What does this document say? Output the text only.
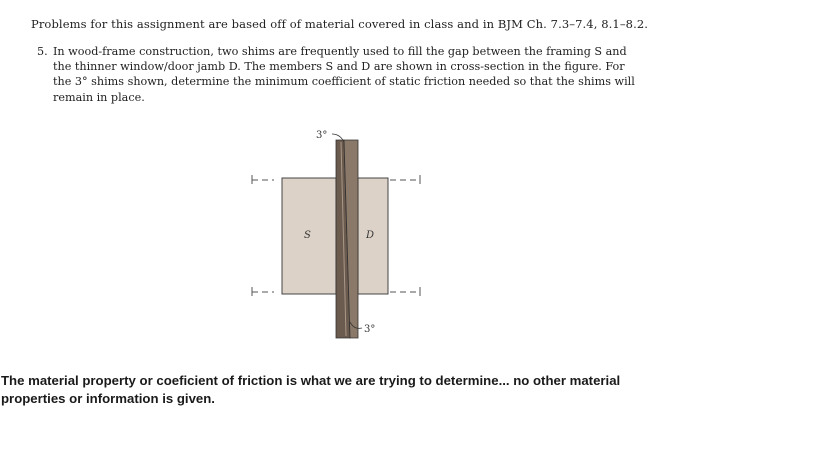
Problems for this assignment are based off of material covered in class and in BJM Ch. 7.3–7.4, 8.1–8.2.
5. In wood-frame construction, two shims are frequently used to fill the gap between the framing S and the thinner window/door jamb D. The members S and D are shown in cross-section in the figure. For the 3° shims shown, determine the minimum coefficient of static friction needed so that the shims will remain in place.
3°
3°
S	D
The material property or coeficient of friction is what we are trying to determine... no other material properties or information is given.
